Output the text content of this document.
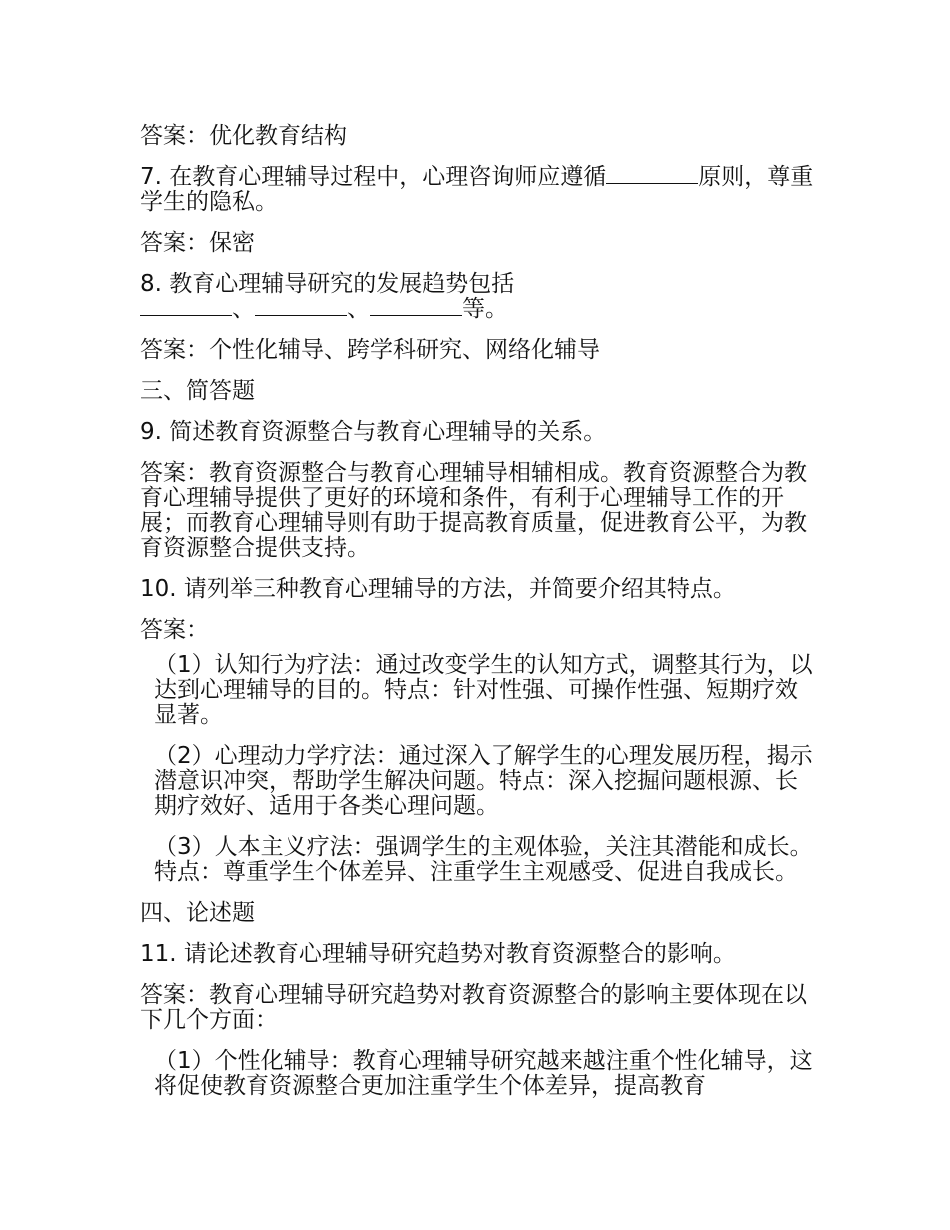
答案：优化教育结构

7. 在教育心理辅导过程中，心理咨询师应遵循	原则，尊重学生的隐私。

答案：保密

8. 教育心理辅导研究的发展趋势包括
、	、	等。

答案：个性化辅导、跨学科研究、网络化辅导

三、简答题

9. 简述教育资源整合与教育心理辅导的关系。

答案：教育资源整合与教育心理辅导相辅相成。教育资源整合为教育心理辅导提供了更好的环境和条件，有利于心理辅导工作的开展；而教育心理辅导则有助于提高教育质量，促进教育公平，为教育资源整合提供支持。

10. 请列举三种教育心理辅导的方法，并简要介绍其特点。

答案：

（1）认知行为疗法：通过改变学生的认知方式，调整其行为，以达到心理辅导的目的。特点：针对性强、可操作性强、短期疗效显著。

（2）心理动力学疗法：通过深入了解学生的心理发展历程，揭示潜意识冲突，帮助学生解决问题。特点：深入挖掘问题根源、长期疗效好、适用于各类心理问题。

（3）人本主义疗法：强调学生的主观体验，关注其潜能和成长。特点：尊重学生个体差异、注重学生主观感受、促进自我成长。

四、论述题

11. 请论述教育心理辅导研究趋势对教育资源整合的影响。

答案：教育心理辅导研究趋势对教育资源整合的影响主要体现在以下几个方面：

（1）个性化辅导：教育心理辅导研究越来越注重个性化辅导，这将促使教育资源整合更加注重学生个体差异，提高教育
